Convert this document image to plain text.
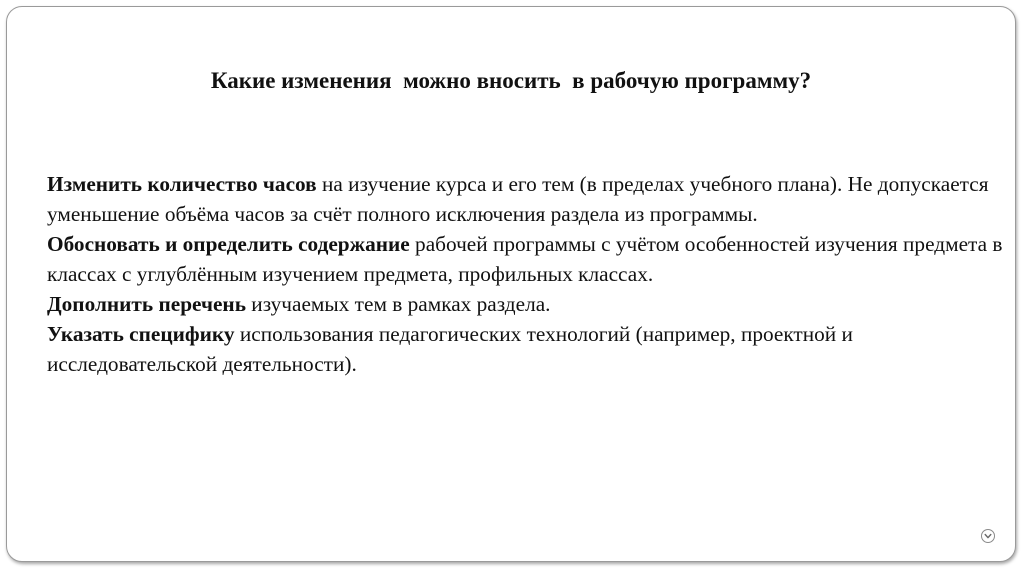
Какие изменения  можно вносить  в рабочую программу?

Изменить количество часов на изучение курса и его тем (в пределах учебного плана). Не допускается уменьшение объёма часов за счёт полного исключения раздела из программы.

Обосновать и определить содержание рабочей программы с учётом особенностей изучения предмета в классах с углублённым изучением предмета, профильных классах.

Дополнить перечень изучаемых тем в рамках раздела.

Указать специфику использования педагогических технологий (например, проектной и исследовательской деятельности).
